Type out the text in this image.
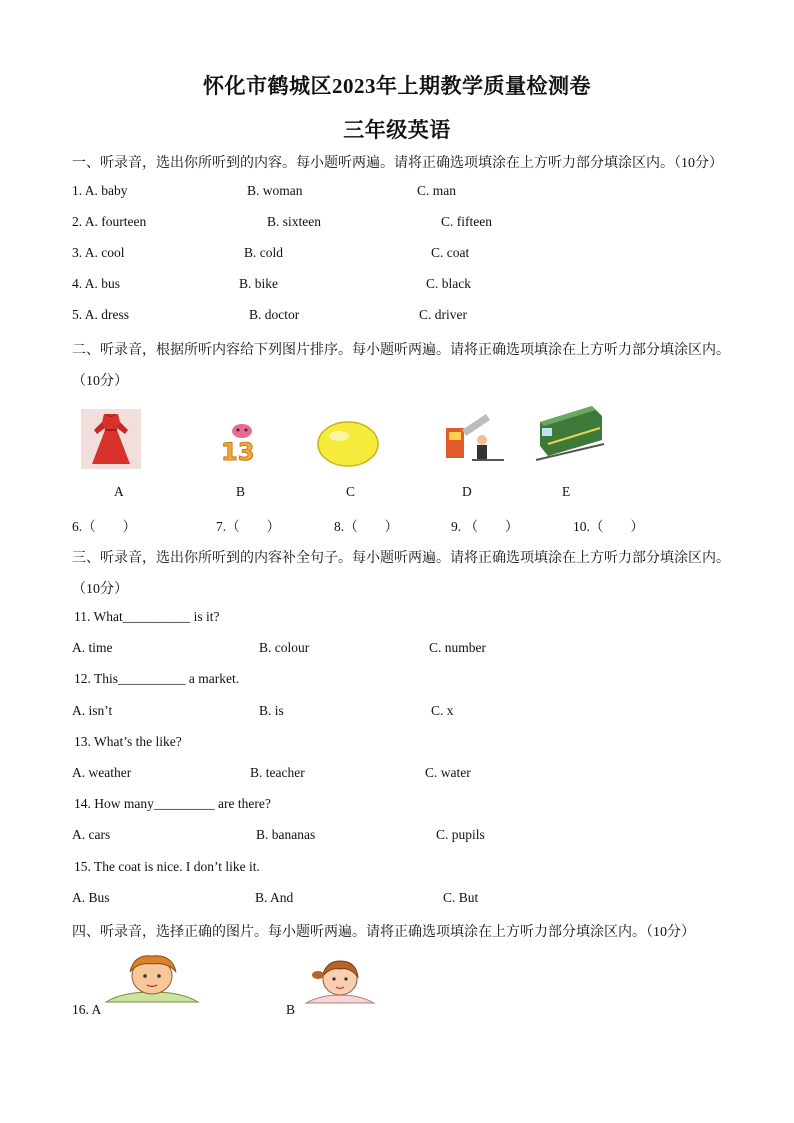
怀化市鹤城区2023年上期教学质量检测卷
三年级英语
一、听录音，选出你所听到的内容。每小题听两遍。请将正确选项填涂在上方听力部分填涂区内。（10分）
1. A. baby	B. woman	C. man
2. A. fourteen	B. sixteen	C. fifteen
3. A. cool	B. cold	C. coat
4. A. bus	B. bike	C. black
5. A. dress	B. doctor	C. driver
二、听录音，根据所听内容给下列图片排序。每小题听两遍。请将正确选项填涂在上方听力部分填涂区内。
（10分）
13
A	B	C	D	E
6.（　　）	7.（　　）	8.（　　）	9. （　　）	10.（　　）
三、听录音，选出你所听到的内容补全句子。每小题听两遍。请将正确选项填涂在上方听力部分填涂区内。
（10分）
11. What__________ is it?
A. time	B. colour	C. number
12. This__________ a market.
A. isn’t	B. is	C. x
13. What’s the like?
A. weather	B. teacher	C. water
14. How many_________ are there?
A. cars	B. bananas	C. pupils
15. The coat is nice. I don’t like it.
A. Bus	B. And	C. But
四、听录音，选择正确的图片。每小题听两遍。请将正确选项填涂在上方听力部分填涂区内。（10分）
16. A	B
